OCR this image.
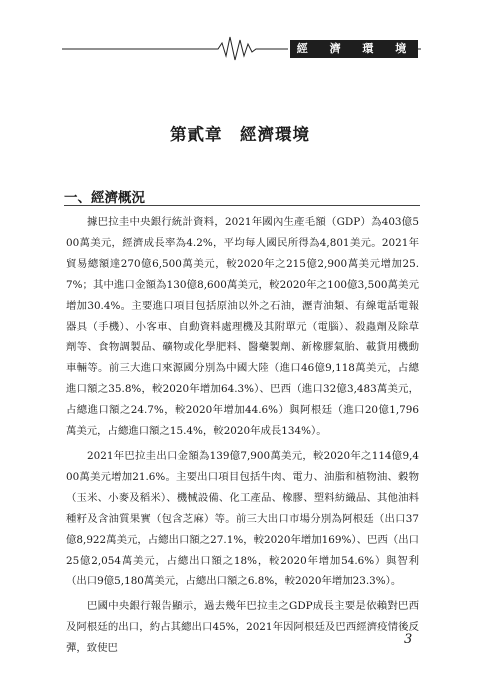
經 濟 環 境
第貳章　經濟環境
一、經濟概況

據巴拉圭中央銀行統計資料，2021年國內生產毛額（GDP）為403億500萬美元，經濟成長率為4.2%，平均每人國民所得為4,801美元。2021年貿易總額達270億6,500萬美元，較2020年之215億2,900萬美元增加25.7%；其中進口金額為130億8,600萬美元，較2020年之100億3,500萬美元增加30.4%。主要進口項目包括原油以外之石油，瀝青油類、有線電話電報器具（手機）、小客車、自動資料處理機及其附單元（電腦）、殺蟲劑及除草劑等、食物調製品、礦物或化學肥料、醫藥製劑、新橡膠氣胎、載貨用機動車輛等。前三大進口來源國分別為中國大陸（進口46億9,118萬美元，占總進口額之35.8%，較2020年增加64.3%）、巴西（進口32億3,483萬美元，占總進口額之24.7%，較2020年增加44.6%）與阿根廷（進口20億1,796萬美元，占總進口額之15.4%，較2020年成長134%）。

2021年巴拉圭出口金額為139億7,900萬美元，較2020年之114億9,400萬美元增加21.6%。主要出口項目包括牛肉、電力、油脂和植物油、穀物（玉米、小麥及稻米）、機械設備、化工產品、橡膠、塑料紡織品、其他油料種籽及含油質果實（包含芝麻）等。前三大出口市場分別為阿根廷（出口37億8,922萬美元，占總出口額之27.1%，較2020年增加169%）、巴西（出口25億2,054萬美元，占總出口額之18%，較2020年增加54.6%）與智利（出口9億5,180萬美元，占總出口額之6.8%，較2020年增加23.3%）。

巴國中央銀行報告顯示，過去幾年巴拉圭之GDP成長主要是依賴對巴西及阿根廷的出口，約占其總出口45%，2021年因阿根廷及巴西經濟疫情後反彈，致使巴

3
